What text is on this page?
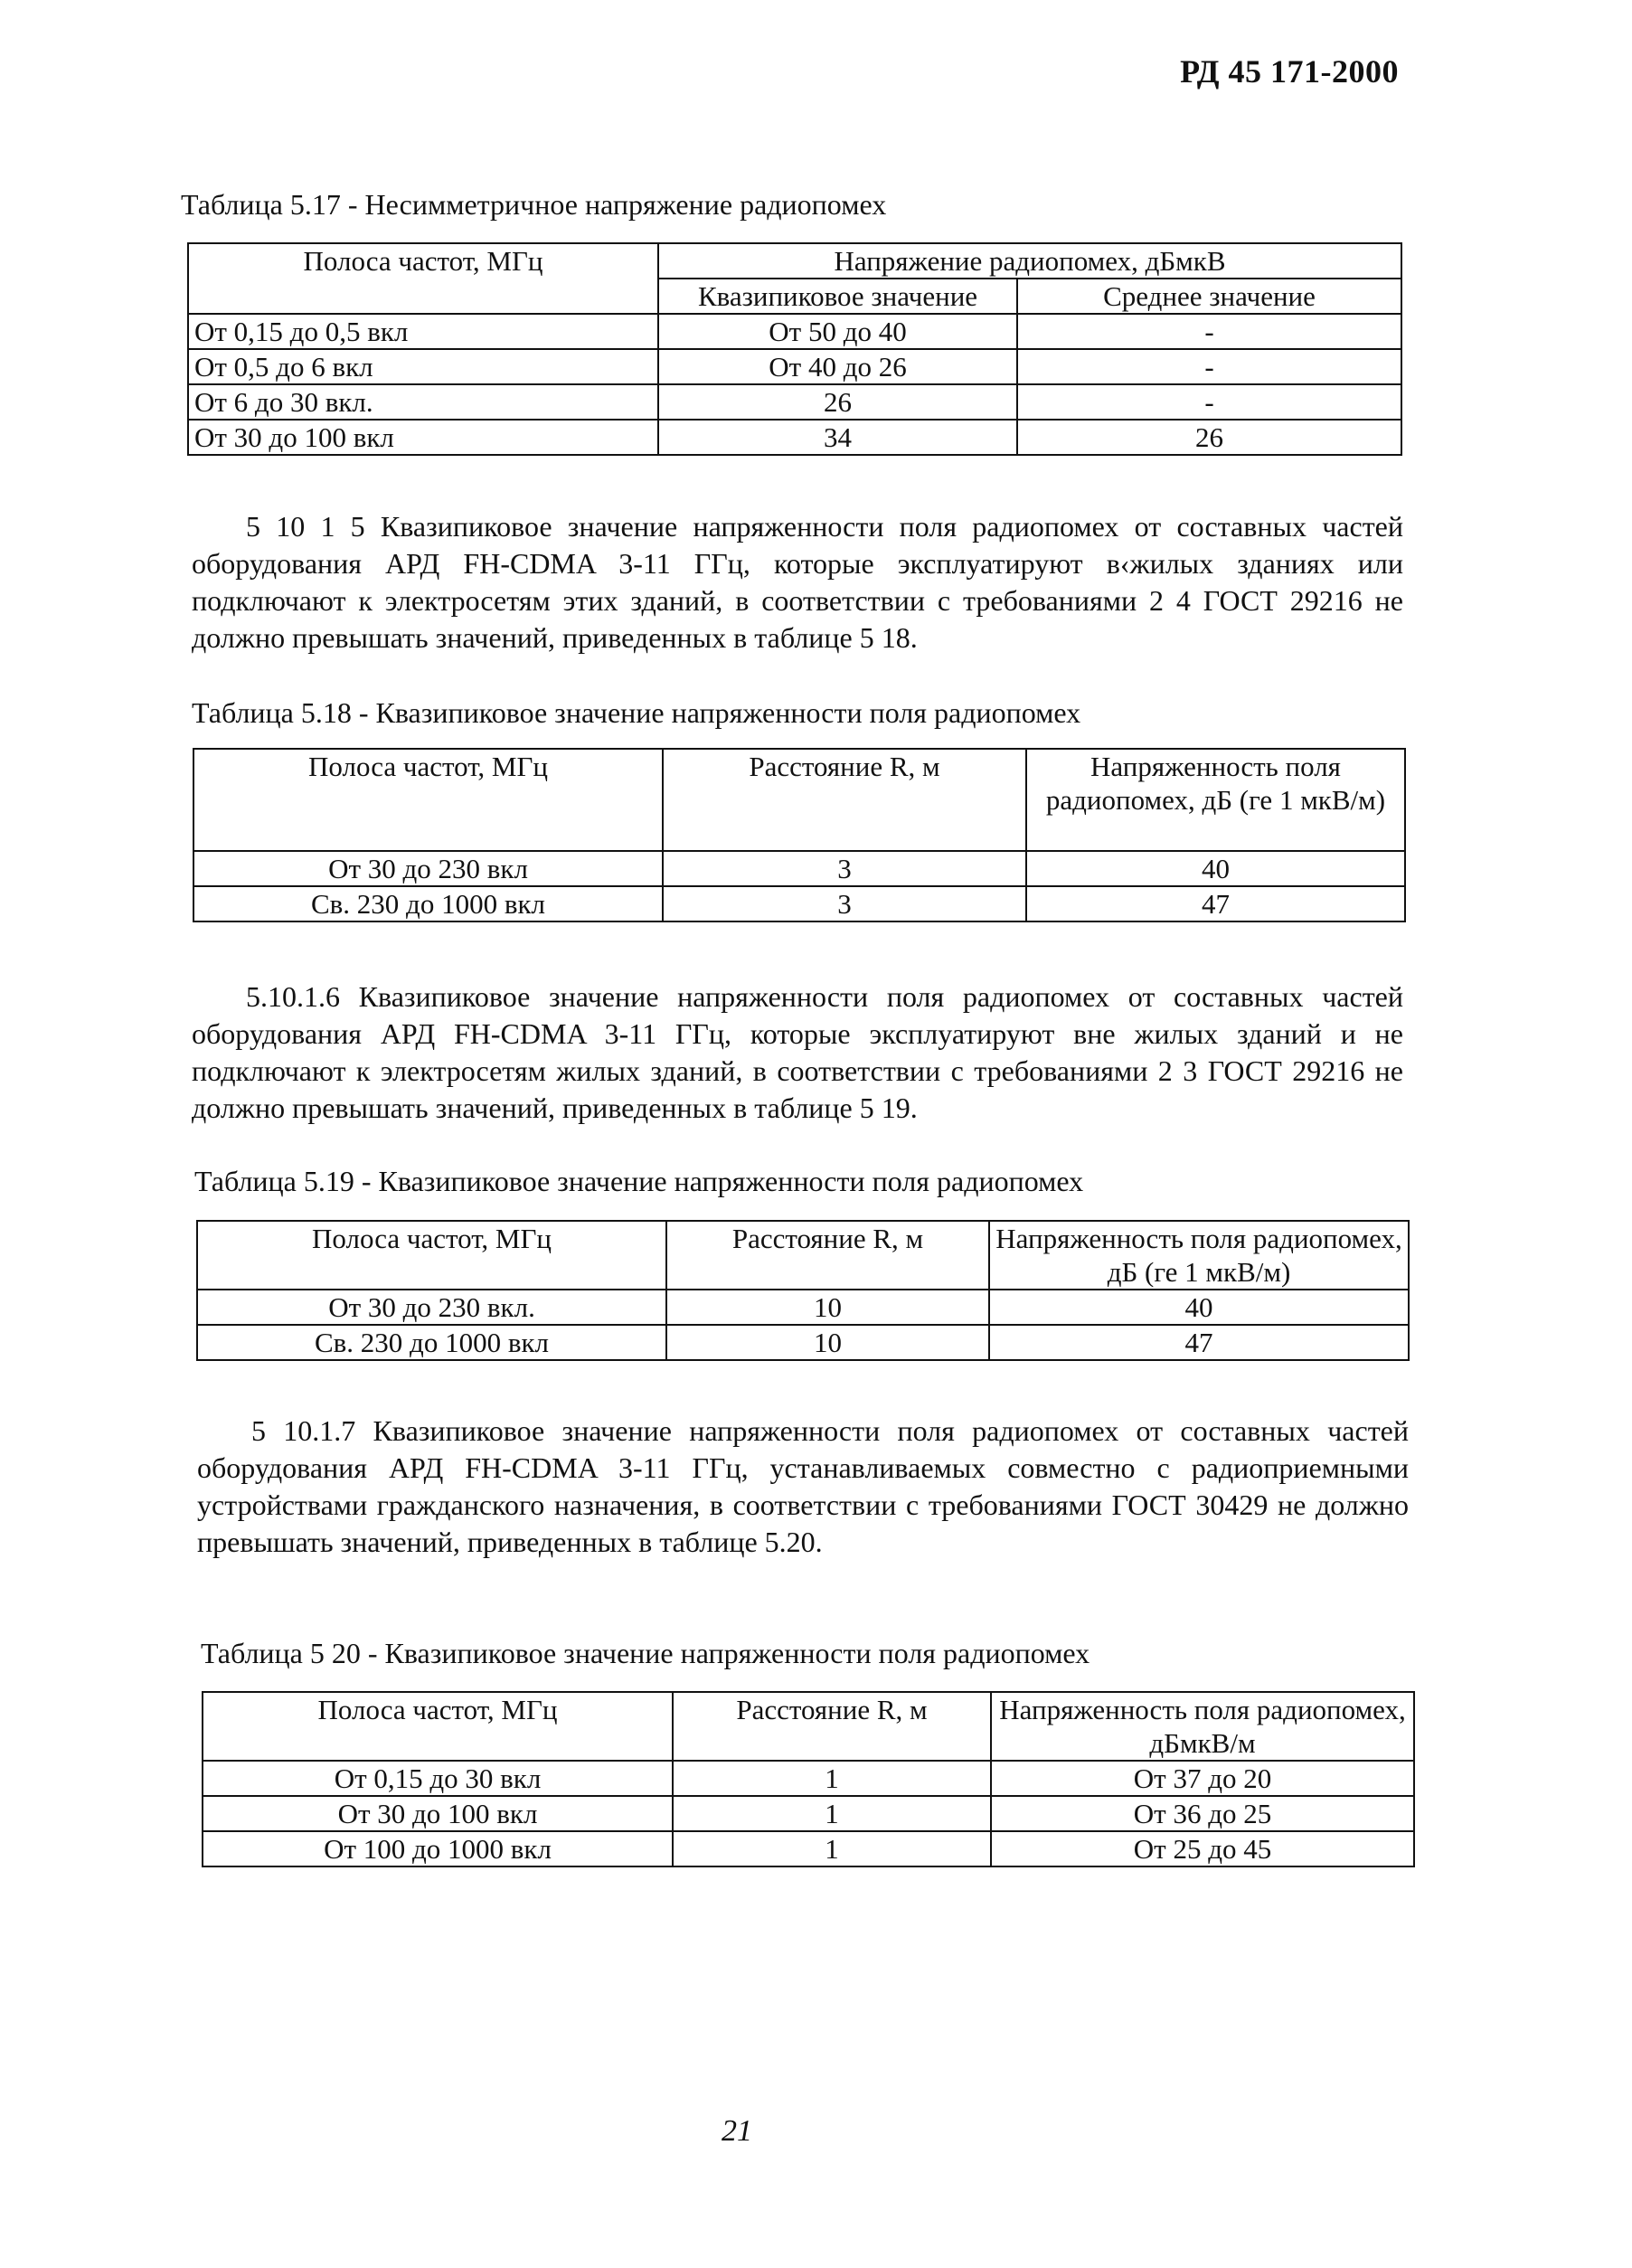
РД 45 171-2000
Таблица 5.17 - Несимметричное напряжение радиопомех
Полоса частот, МГц	Напряжение радиопомех, дБмкВ	
	Квазипиковое значение	Среднее значение
От 0,15 до 0,5 вкл	От 50 до 40	-
От 0,5 до 6 вкл	От 40 до 26	-
От 6 до 30 вкл.	26	-
От 30 до 100 вкл	34	26
5 10 1 5 Квазипиковое значение напряженности поля радиопомех от составных частей оборудования АРД FH-CDMA 3-11 ГГц, которые эксплуатируют в‹жилых зданиях или подключают к электросетям этих зданий, в соответствии с требованиями 2 4 ГОСТ 29216 не должно превышать значений, приведенных в таблице 5 18.
Таблица 5.18 - Квазипиковое значение напряженности поля радиопомех
Полоса частот, МГц	Расстояние R, м	Напряженность поля радиопомех, дБ (ге 1 мкВ/м)
От 30 до 230 вкл	3	40
Св. 230 до 1000 вкл	3	47
5.10.1.6 Квазипиковое значение напряженности поля радиопомех от составных частей оборудования АРД FH-CDMA 3-11 ГГц, которые эксплуатируют вне жилых зданий и не подключают к электросетям жилых зданий, в соответствии с требованиями 2 3 ГОСТ 29216 не должно превышать значений, приведенных в таблице 5 19.
Таблица 5.19 - Квазипиковое значение напряженности поля радиопомех
Полоса частот, МГц	Расстояние R, м	Напряженность поля радиопомех, дБ (ге 1 мкВ/м)
От 30 до 230 вкл.	10	40
Св. 230 до 1000 вкл	10	47
5 10.1.7 Квазипиковое значение напряженности поля радиопомех от составных частей оборудования АРД FH-CDMA 3-11 ГГц, устанавливаемых совместно с радиоприемными устройствами гражданского назначения, в соответствии с требованиями ГОСТ 30429 не должно превышать значений, приведенных в таблице 5.20.
Таблица 5 20 - Квазипиковое значение напряженности поля радиопомех
Полоса частот, МГц	Расстояние R, м	Напряженность поля радиопомех, дБмкВ/м
От 0,15 до 30 вкл	1	От 37 до 20
От 30 до 100 вкл	1	От 36 до 25
От 100 до 1000 вкл	1	От 25 до 45
21
